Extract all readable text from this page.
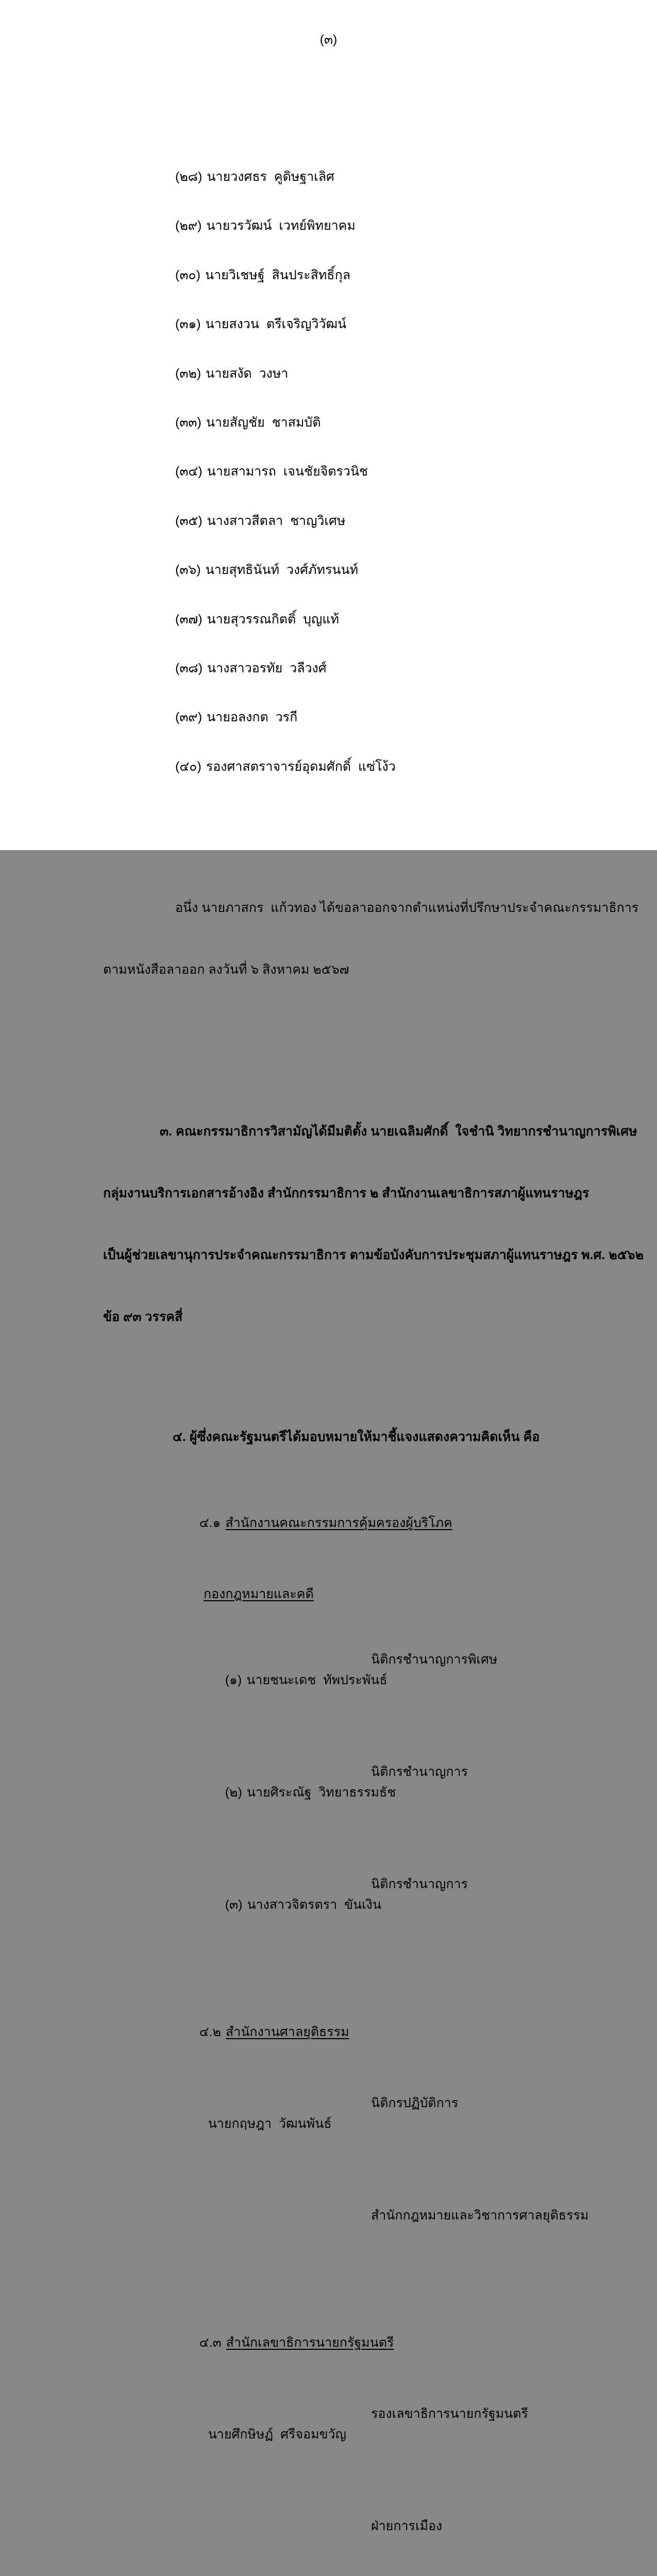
(๓)

(๒๘) นายวงศธร  คูดิษฐาเลิศ

(๒๙) นายวรวัฒน์  เวทย์พิทยาคม

(๓๐) นายวิเชษฐ์  สินประสิทธิ์กุล

(๓๑) นายสงวน  ตรีเจริญวิวัฒน์

(๓๒) นายสงัด  วงษา

(๓๓) นายสัญชัย  ชาสมบัติ

(๓๔) นายสามารถ  เจนชัยจิตรวนิช

(๓๕) นางสาวสีตลา  ชาญวิเศษ

(๓๖) นายสุทธินันท์  วงศ์ภัทรนนท์

(๓๗) นายสุวรรณกิตติ์  บุญแท้

(๓๘) นางสาวอรทัย  วลีวงศ์

(๓๙) นายอลงกต  วรกี

(๔๐) รองศาสตราจารย์อุดมศักดิ์  แซ่โง้ว

อนึ่ง นายภาสกร  แก้วทอง ได้ขอลาออกจากตำแหน่งที่ปรึกษาประจำคณะกรรมาธิการ

ตามหนังสือลาออก ลงวันที่ ๖ สิงหาคม ๒๕๖๗

๓. คณะกรรมาธิการวิสามัญได้มีมติตั้ง นายเฉลิมศักดิ์  ใจชำนิ วิทยากรชำนาญการพิเศษ

กลุ่มงานบริการเอกสารอ้างอิง สำนักกรรมาธิการ ๒ สำนักงานเลขาธิการสภาผู้แทนราษฎร

เป็นผู้ช่วยเลขานุการประจำคณะกรรมาธิการ ตามข้อบังคับการประชุมสภาผู้แทนราษฎร พ.ศ. ๒๕๖๒

ข้อ ๙๓ วรรคสี่

๔. ผู้ซึ่งคณะรัฐมนตรีได้มอบหมายให้มาชี้แจงแสดงความคิดเห็น คือ

๔.๑ สำนักงานคณะกรรมการคุ้มครองผู้บริโภค

กองกฎหมายและคดี

(๑) นายชนะเดช  ทัพประพันธ์

นิติกรชำนาญการพิเศษ

(๒) นายศิระณัฐ  วิทยาธรรมธัช

นิติกรชำนาญการ

(๓) นางสาวจิตรตรา  ขันเงิน

นิติกรชำนาญการ

๔.๒ สำนักงานศาลยุติธรรม

นายกฤษฎา  วัฒนพันธ์

นิติกรปฏิบัติการ

สำนักกฎหมายและวิชาการศาลยุติธรรม

๔.๓ สำนักเลขาธิการนายกรัฐมนตรี

นายศึกษิษฏ์  ศรีจอมขวัญ

รองเลขาธิการนายกรัฐมนตรี

ฝ่ายการเมือง
